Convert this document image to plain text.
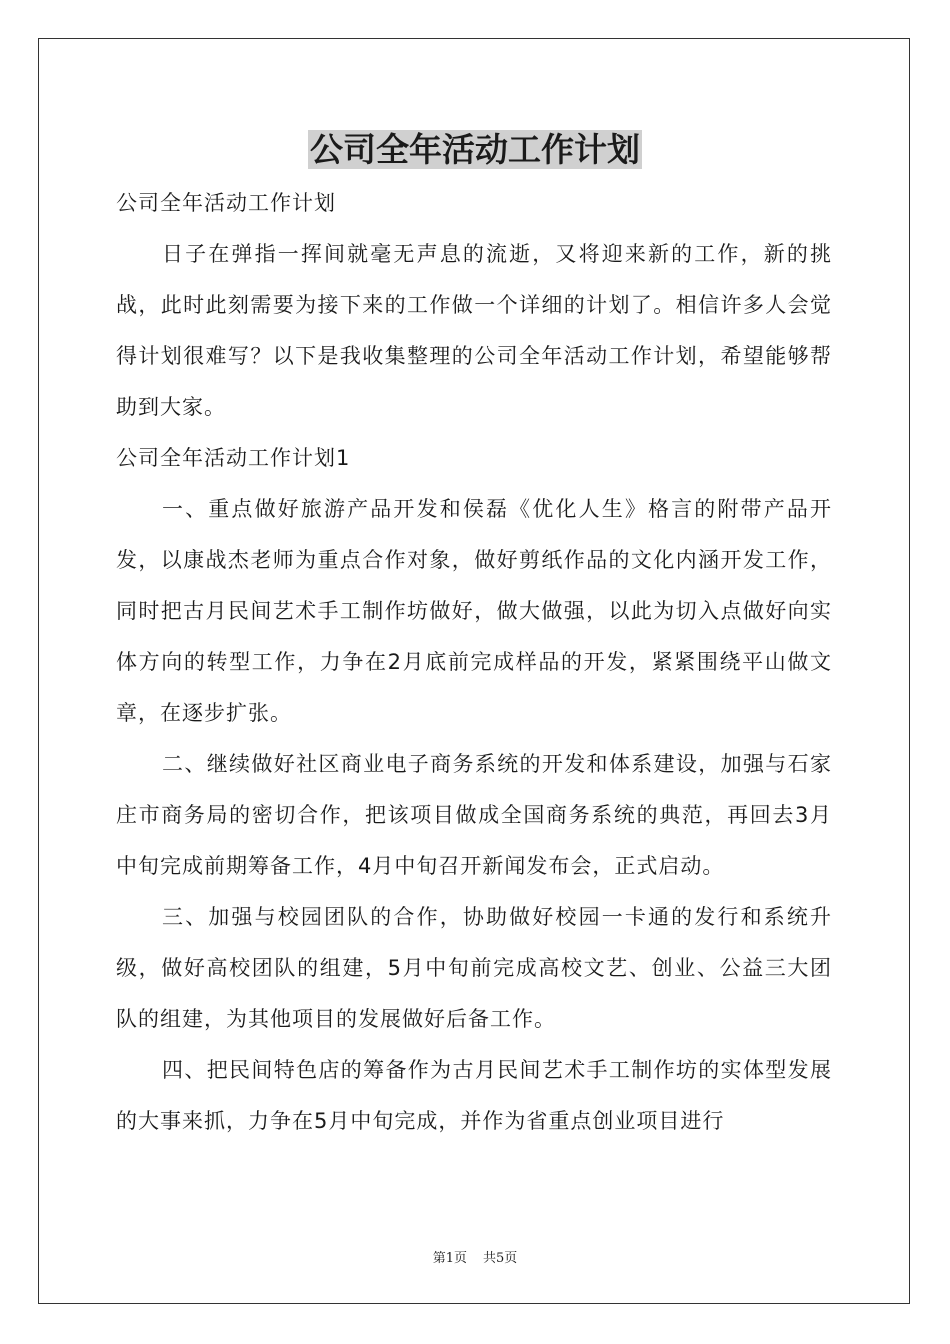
公司全年活动工作计划

公司全年活动工作计划

日子在弹指一挥间就毫无声息的流逝，又将迎来新的工作，新的挑战，此时此刻需要为接下来的工作做一个详细的计划了。相信许多人会觉得计划很难写？以下是我收集整理的公司全年活动工作计划，希望能够帮助到大家。

公司全年活动工作计划1

一、重点做好旅游产品开发和侯磊《优化人生》格言的附带产品开发，以康战杰老师为重点合作对象，做好剪纸作品的文化内涵开发工作，同时把古月民间艺术手工制作坊做好，做大做强，以此为切入点做好向实体方向的转型工作，力争在2月底前完成样品的开发，紧紧围绕平山做文章，在逐步扩张。

二、继续做好社区商业电子商务系统的开发和体系建设，加强与石家庄市商务局的密切合作，把该项目做成全国商务系统的典范，再回去3月中旬完成前期筹备工作，4月中旬召开新闻发布会，正式启动。

三、加强与校园团队的合作，协助做好校园一卡通的发行和系统升级，做好高校团队的组建，5月中旬前完成高校文艺、创业、公益三大团队的组建，为其他项目的发展做好后备工作。

四、把民间特色店的筹备作为古月民间艺术手工制作坊的实体型发展的大事来抓，力争在5月中旬完成，并作为省重点创业项目进行

第1页 共5页
